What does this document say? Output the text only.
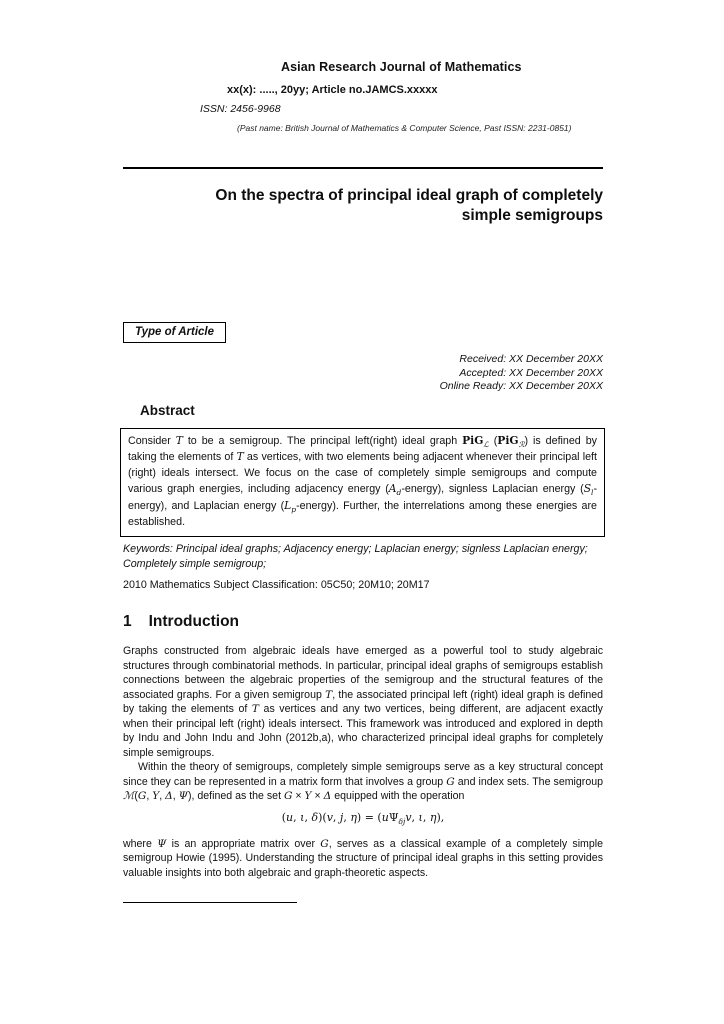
Asian Research Journal of Mathematics
xx(x): ....., 20yy; Article no.JAMCS.xxxxx
ISSN: 2456-9968
(Past name: British Journal of Mathematics & Computer Science, Past ISSN: 2231-0851)
On the spectra of principal ideal graph of completely
simple semigroups
Type of Article
Received: XX December 20XX
Accepted: XX December 20XX
Online Ready: XX December 20XX
Abstract
Consider T to be a semigroup. The principal left(right) ideal graph PiG$_ℒ$ (PiG$_ℛ$) is defined by taking the elements of T as vertices, with two elements being adjacent whenever their principal left (right) ideals intersect. We focus on the case of completely simple semigroups and compute various graph energies, including adjacency energy $(A_d-energy)$, signless Laplacian energy $(S_l-energy)$, and Laplacian energy $(L_p-energy)$. Further, the interrelations among these energies are established.

Keywords: Principal ideal graphs; Adjacency energy; Laplacian energy; signless Laplacian energy; Completely simple semigroup;

2010 Mathematics Subject Classification: 05C50; 20M10; 20M17

1 Introduction

Graphs constructed from algebraic ideals have emerged as a powerful tool to study algebraic structures through combinatorial methods. In particular, principal ideal graphs of semigroups establish connections between the algebraic properties of the semigroup and the structural features of the associated graphs. For a given semigroup T, the associated principal left (right) ideal graph is defined by taking the elements of T as vertices and any two vertices, being different, are adjacent exactly when their principal left (right) ideals intersect. This framework was introduced and explored in depth by Indu and John Indu and John (2012b,a), who characterized principal ideal graphs for completely simple semigroups.

Within the theory of semigroups, completely simple semigroups serve as a key structural concept since they can be represented in a matrix form that involves a group G and index sets. The semigroup ℳ(G, Υ, Δ, Ψ), defined as the set G × Υ × Δ equipped with the operation

(u, ι, δ)(v, j, $\eta) = (u\Psi_{\delta j}v$, ι, η),

where Ψ is an appropriate matrix over G, serves as a classical example of a completely simple semigroup Howie (1995). Understanding the structure of principal ideal graphs in this setting provides valuable insights into both algebraic and graph-theoretic aspects.
